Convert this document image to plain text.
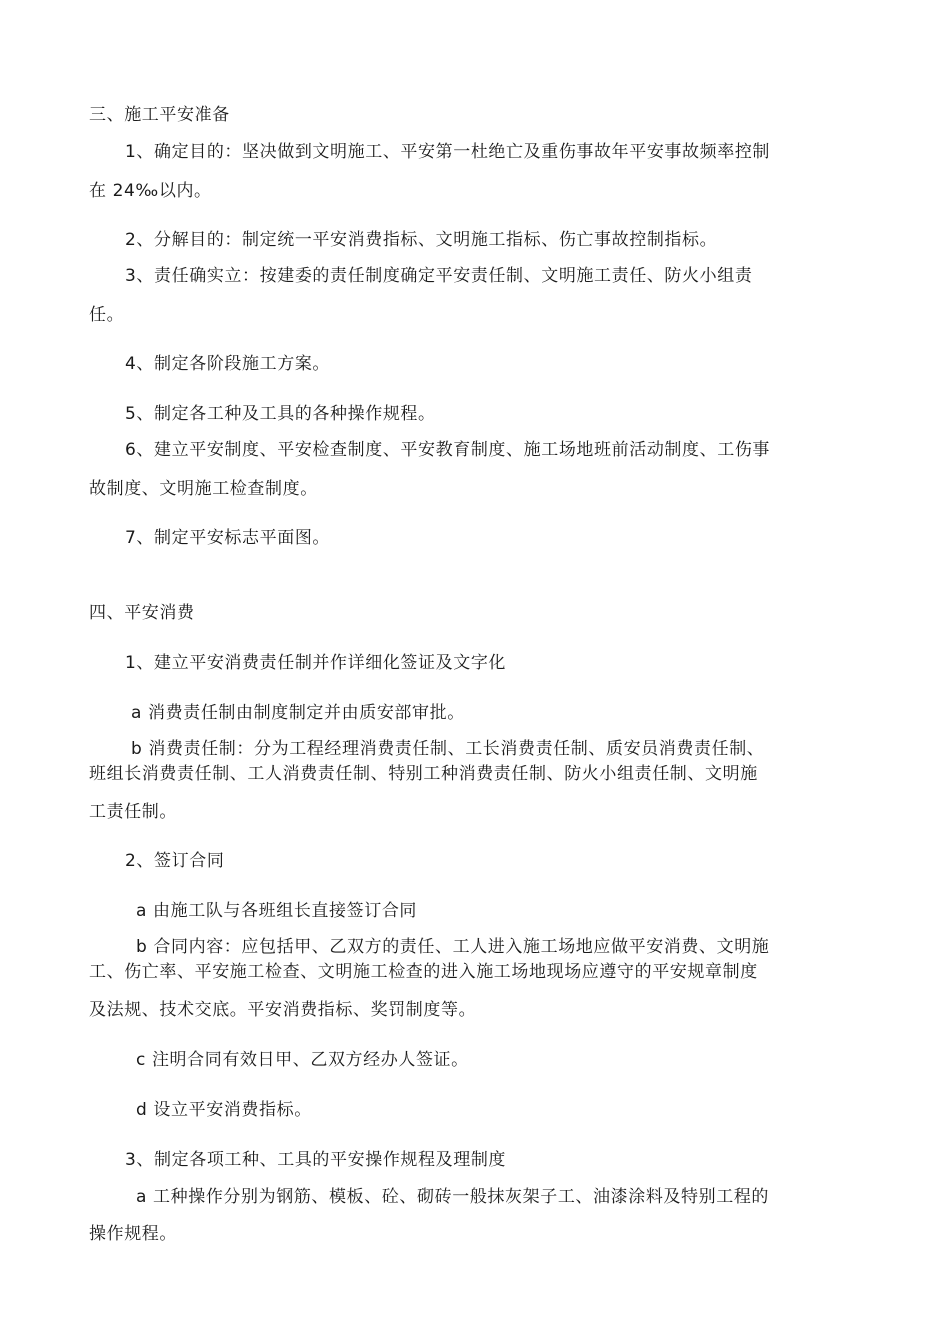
三、施工平安准备
1、确定目的：坚决做到文明施工、平安第一杜绝亡及重伤事故年平安事故频率控制
在 24‰以内。
2、分解目的：制定统一平安消费指标、文明施工指标、伤亡事故控制指标。
3、责任确实立：按建委的责任制度确定平安责任制、文明施工责任、防火小组责
任。
4、制定各阶段施工方案。
5、制定各工种及工具的各种操作规程。
6、建立平安制度、平安检查制度、平安教育制度、施工场地班前活动制度、工伤事
故制度、文明施工检查制度。
7、制定平安标志平面图。
四、平安消费
1、建立平安消费责任制并作详细化签证及文字化
a 消费责任制由制度制定并由质安部审批。
b 消费责任制：分为工程经理消费责任制、工长消费责任制、质安员消费责任制、
班组长消费责任制、工人消费责任制、特别工种消费责任制、防火小组责任制、文明施
工责任制。
2、签订合同
a 由施工队与各班组长直接签订合同
b 合同内容：应包括甲、乙双方的责任、工人进入施工场地应做平安消费、文明施
工、伤亡率、平安施工检查、文明施工检查的进入施工场地现场应遵守的平安规章制度
及法规、技术交底。平安消费指标、奖罚制度等。
c 注明合同有效日甲、乙双方经办人签证。
d 设立平安消费指标。
3、制定各项工种、工具的平安操作规程及理制度
a 工种操作分别为钢筋、模板、砼、砌砖一般抹灰架子工、油漆涂料及特别工程的
操作规程。
